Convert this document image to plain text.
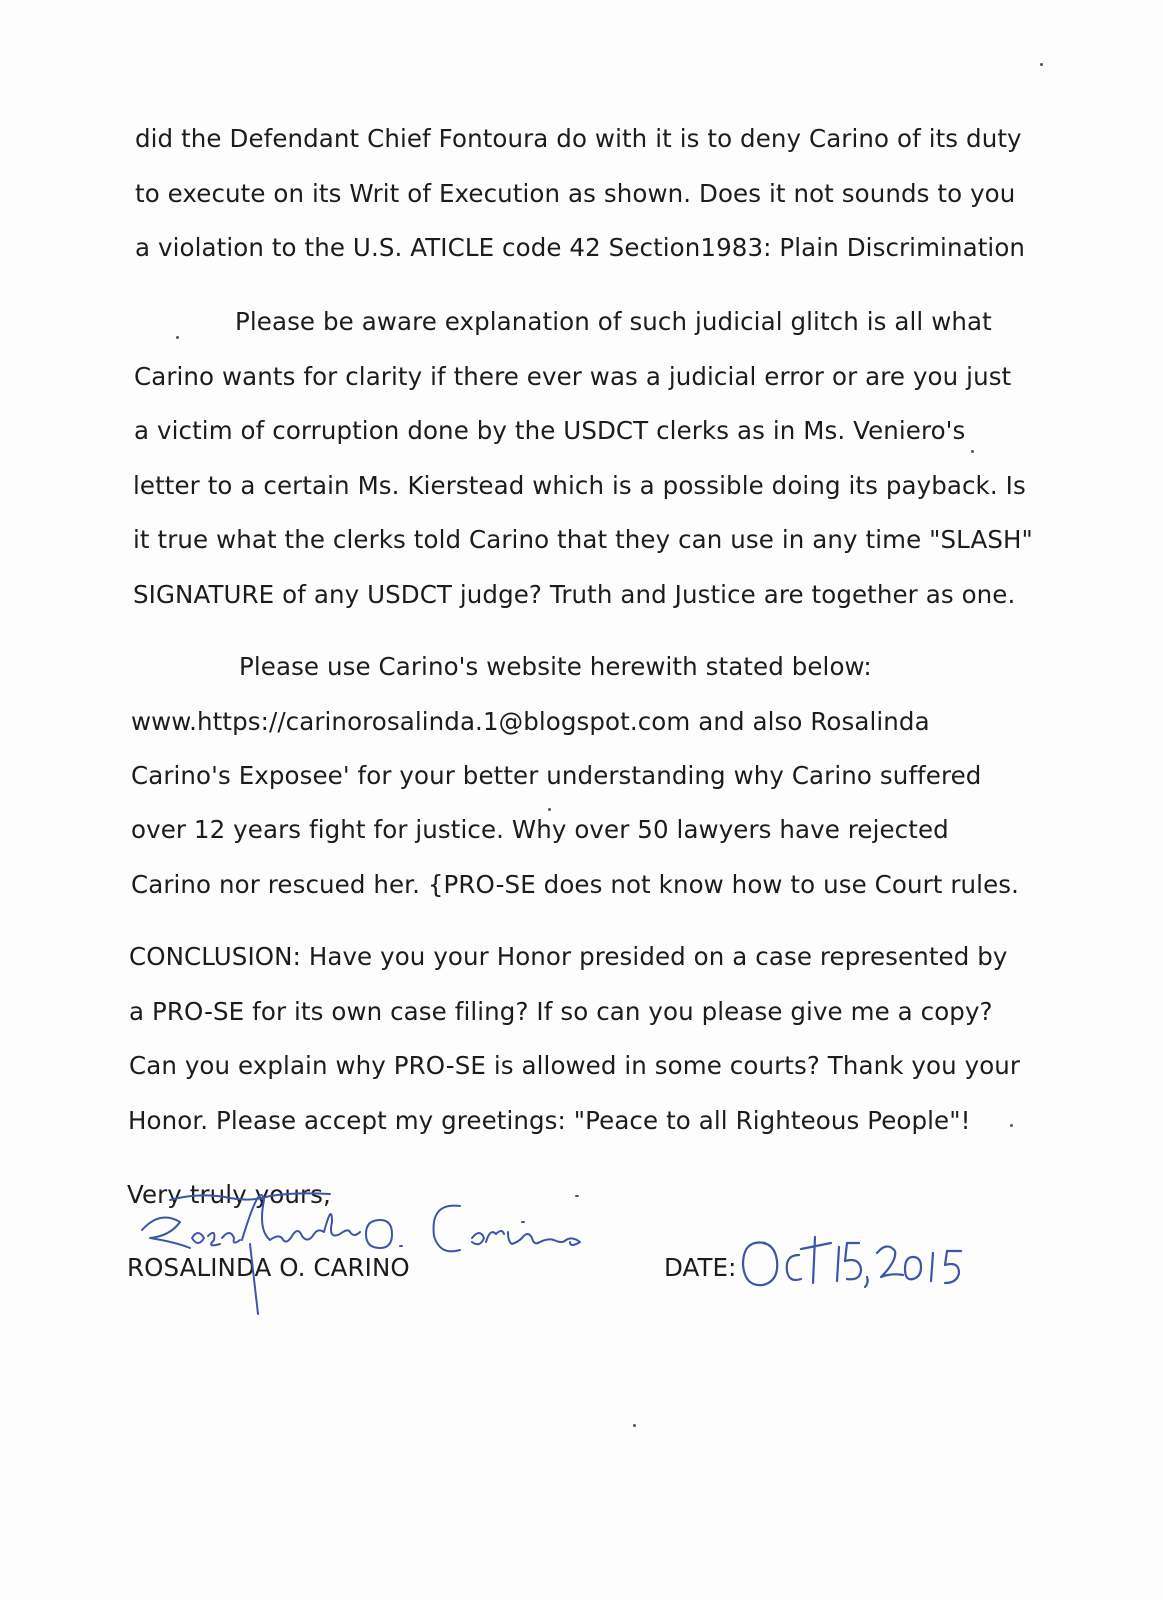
did the Defendant Chief Fontoura do with it is to deny Carino of its duty
to execute on its Writ of Execution as shown. Does it not sounds to you
a violation to the U.S. ATICLE code 42 Section1983: Plain Discrimination
Please be aware explanation of such judicial glitch is all what
Carino wants for clarity if there ever was a judicial error or are you just
a victim of corruption done by the USDCT clerks as in Ms. Veniero's
letter to a certain Ms. Kierstead which is a possible doing its payback. Is
it true what the clerks told Carino that they can use in any time "SLASH"
SIGNATURE of any USDCT judge? Truth and Justice are together as one.
Please use Carino's website herewith stated below:
www.https://carinorosalinda.1@blogspot.com and also Rosalinda
Carino's Exposee' for your better understanding why Carino suffered
over 12 years fight for justice. Why over 50 lawyers have rejected
Carino nor rescued her. {PRO-SE does not know how to use Court rules.
CONCLUSION: Have you your Honor presided on a case represented by
a PRO-SE for its own case filing? If so can you please give me a copy?
Can you explain why PRO-SE is allowed in some courts? Thank you your
Honor. Please accept my greetings: "Peace to all Righteous People"!
Very truly yours,
ROSALINDA O. CARINO	DATE:
